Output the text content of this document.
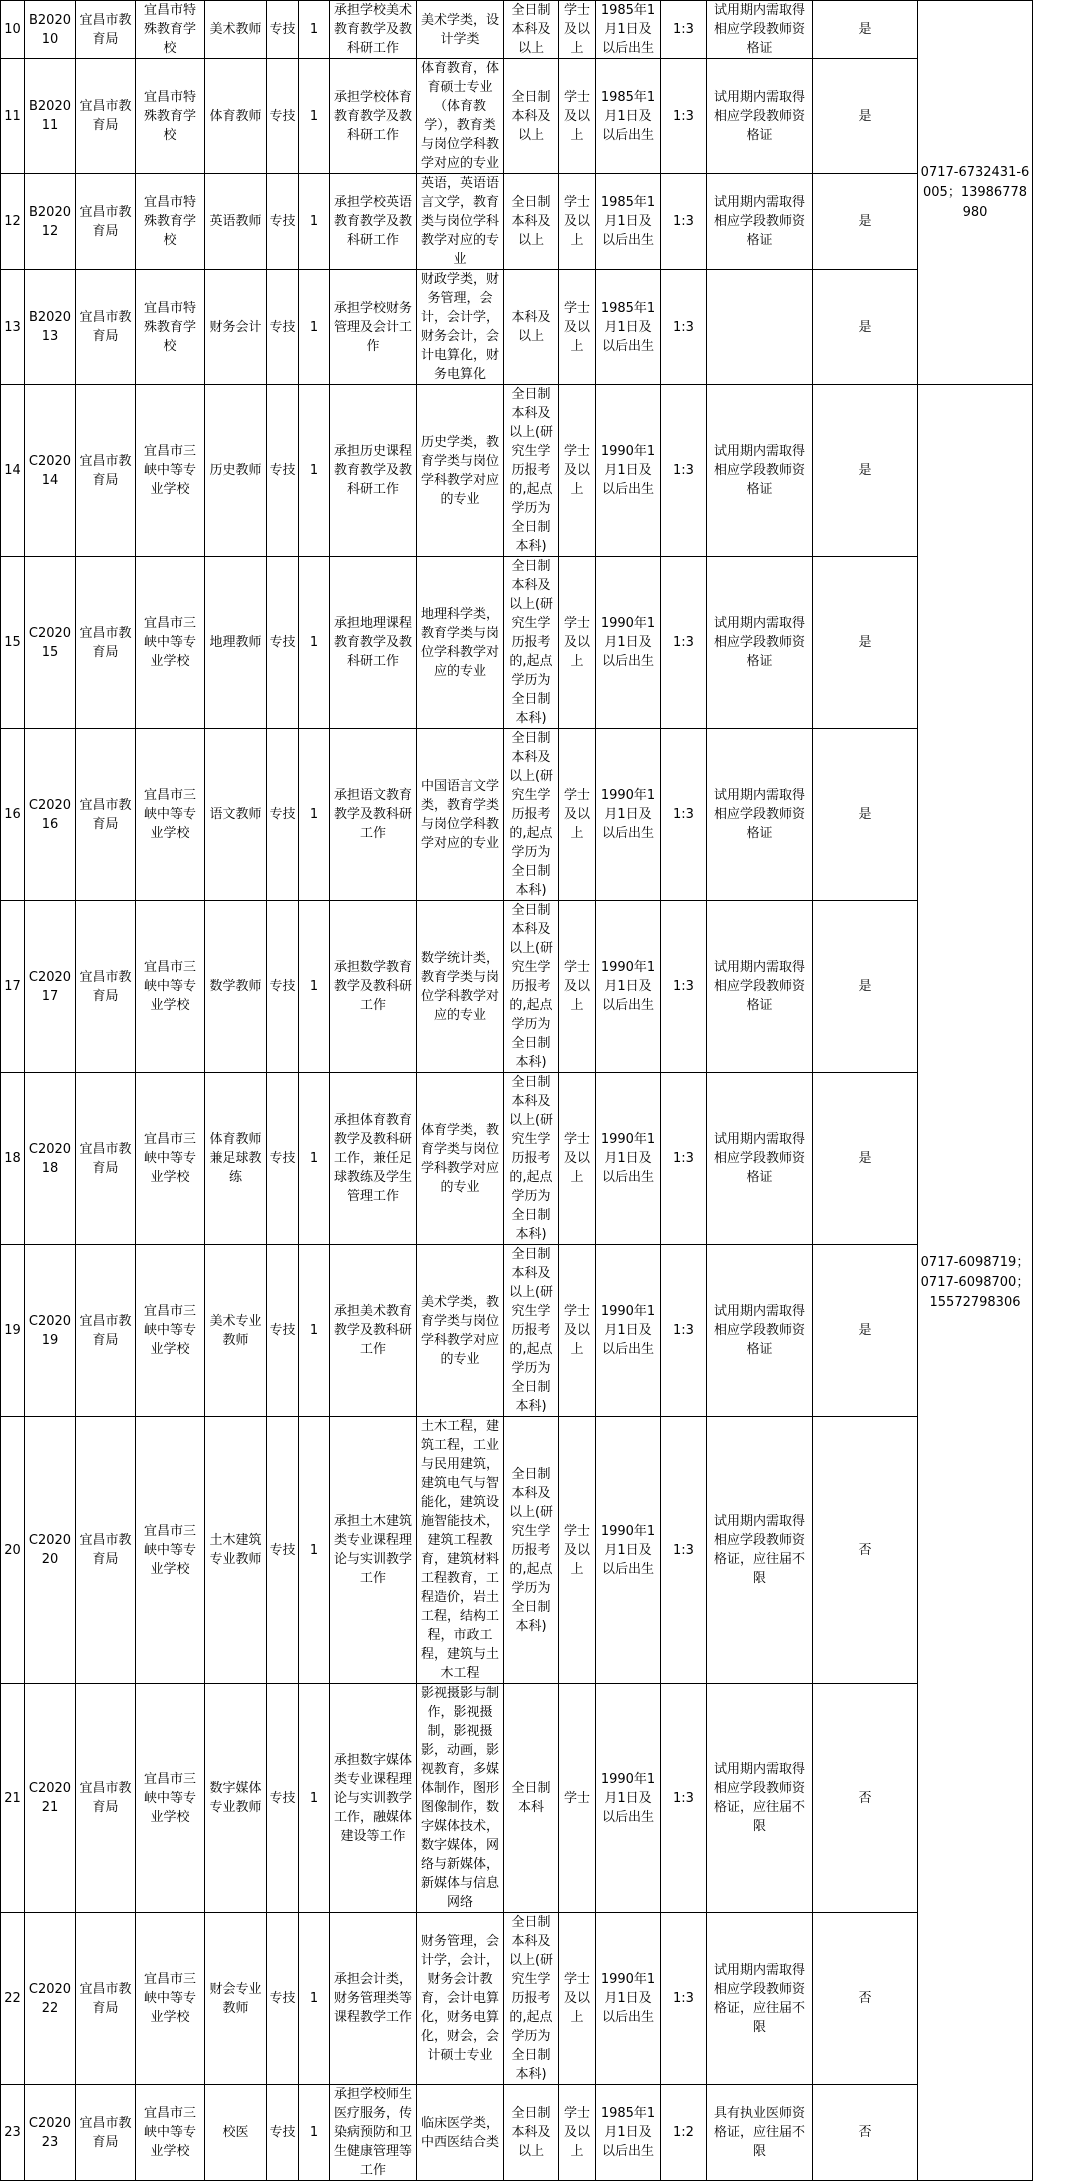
10	B202010	宜昌市教育局	宜昌市特殊教育学校	美术教师	专技	1	承担学校美术教育教学及教科研工作	美术学类，设计学类	全日制本科及以上	学士及以上	1985年1月1日及以后出生	1:3	试用期内需取得相应学段教师资格证	是	0717-6732431-6005；13986778980
11	B202011	宜昌市教育局	宜昌市特殊教育学校	体育教师	专技	1	承担学校体育教育教学及教科研工作	体育教育，体育硕士专业（体育教学），教育类与岗位学科教学对应的专业	全日制本科及以上	学士及以上	1985年1月1日及以后出生	1:3	试用期内需取得相应学段教师资格证	是	
12	B202012	宜昌市教育局	宜昌市特殊教育学校	英语教师	专技	1	承担学校英语教育教学及教科研工作	英语，英语语言文学，教育类与岗位学科教学对应的专业	全日制本科及以上	学士及以上	1985年1月1日及以后出生	1:3	试用期内需取得相应学段教师资格证	是	
13	B202013	宜昌市教育局	宜昌市特殊教育学校	财务会计	专技	1	承担学校财务管理及会计工作	财政学类，财务管理，会计，会计学，财务会计，会计电算化，财务电算化	本科及以上	学士及以上	1985年1月1日及以后出生	1:3		是	
14	C202014	宜昌市教育局	宜昌市三峡中等专业学校	历史教师	专技	1	承担历史课程教育教学及教科研工作	历史学类，教育学类与岗位学科教学对应的专业	全日制本科及以上(研究生学历报考的,起点学历为全日制本科)	学士及以上	1990年1月1日及以后出生	1:3	试用期内需取得相应学段教师资格证	是	0717-6098719；0717-6098700；15572798306
15	C202015	宜昌市教育局	宜昌市三峡中等专业学校	地理教师	专技	1	承担地理课程教育教学及教科研工作	地理科学类，教育学类与岗位学科教学对应的专业	全日制本科及以上(研究生学历报考的,起点学历为全日制本科)	学士及以上	1990年1月1日及以后出生	1:3	试用期内需取得相应学段教师资格证	是	
16	C202016	宜昌市教育局	宜昌市三峡中等专业学校	语文教师	专技	1	承担语文教育教学及教科研工作	中国语言文学类，教育学类与岗位学科教学对应的专业	全日制本科及以上(研究生学历报考的,起点学历为全日制本科)	学士及以上	1990年1月1日及以后出生	1:3	试用期内需取得相应学段教师资格证	是	
17	C202017	宜昌市教育局	宜昌市三峡中等专业学校	数学教师	专技	1	承担数学教育教学及教科研工作	数学统计类，教育学类与岗位学科教学对应的专业	全日制本科及以上(研究生学历报考的,起点学历为全日制本科)	学士及以上	1990年1月1日及以后出生	1:3	试用期内需取得相应学段教师资格证	是	
18	C202018	宜昌市教育局	宜昌市三峡中等专业学校	体育教师兼足球教练	专技	1	承担体育教育教学及教科研工作，兼任足球教练及学生管理工作	体育学类，教育学类与岗位学科教学对应的专业	全日制本科及以上(研究生学历报考的,起点学历为全日制本科)	学士及以上	1990年1月1日及以后出生	1:3	试用期内需取得相应学段教师资格证	是	
19	C202019	宜昌市教育局	宜昌市三峡中等专业学校	美术专业教师	专技	1	承担美术教育教学及教科研工作	美术学类，教育学类与岗位学科教学对应的专业	全日制本科及以上(研究生学历报考的,起点学历为全日制本科)	学士及以上	1990年1月1日及以后出生	1:3	试用期内需取得相应学段教师资格证	是	
20	C202020	宜昌市教育局	宜昌市三峡中等专业学校	土木建筑专业教师	专技	1	承担土木建筑类专业课程理论与实训教学工作	土木工程，建筑工程，工业与民用建筑，建筑电气与智能化，建筑设施智能技术，建筑工程教育，建筑材料工程教育，工程造价，岩土工程，结构工程，市政工程，建筑与土木工程	全日制本科及以上(研究生学历报考的,起点学历为全日制本科)	学士及以上	1990年1月1日及以后出生	1:3	试用期内需取得相应学段教师资格证，应往届不限	否	
21	C202021	宜昌市教育局	宜昌市三峡中等专业学校	数字媒体专业教师	专技	1	承担数字媒体类专业课程理论与实训教学工作，融媒体建设等工作	影视摄影与制作，影视摄制，影视摄影，动画，影视教育，多媒体制作，图形图像制作，数字媒体技术，数字媒体，网络与新媒体，新媒体与信息网络	全日制本科	学士	1990年1月1日及以后出生	1:3	试用期内需取得相应学段教师资格证，应往届不限	否	
22	C202022	宜昌市教育局	宜昌市三峡中等专业学校	财会专业教师	专技	1	承担会计类，财务管理类等课程教学工作	财务管理，会计学，会计，财务会计教育，会计电算化，财务电算化，财会，会计硕士专业	全日制本科及以上(研究生学历报考的,起点学历为全日制本科)	学士及以上	1990年1月1日及以后出生	1:3	试用期内需取得相应学段教师资格证，应往届不限	否	
23	C202023	宜昌市教育局	宜昌市三峡中等专业学校	校医	专技	1	承担学校师生医疗服务，传染病预防和卫生健康管理等工作	临床医学类，中西医结合类	全日制本科及以上	学士及以上	1985年1月1日及以后出生	1:2	具有执业医师资格证，应往届不限	否	
